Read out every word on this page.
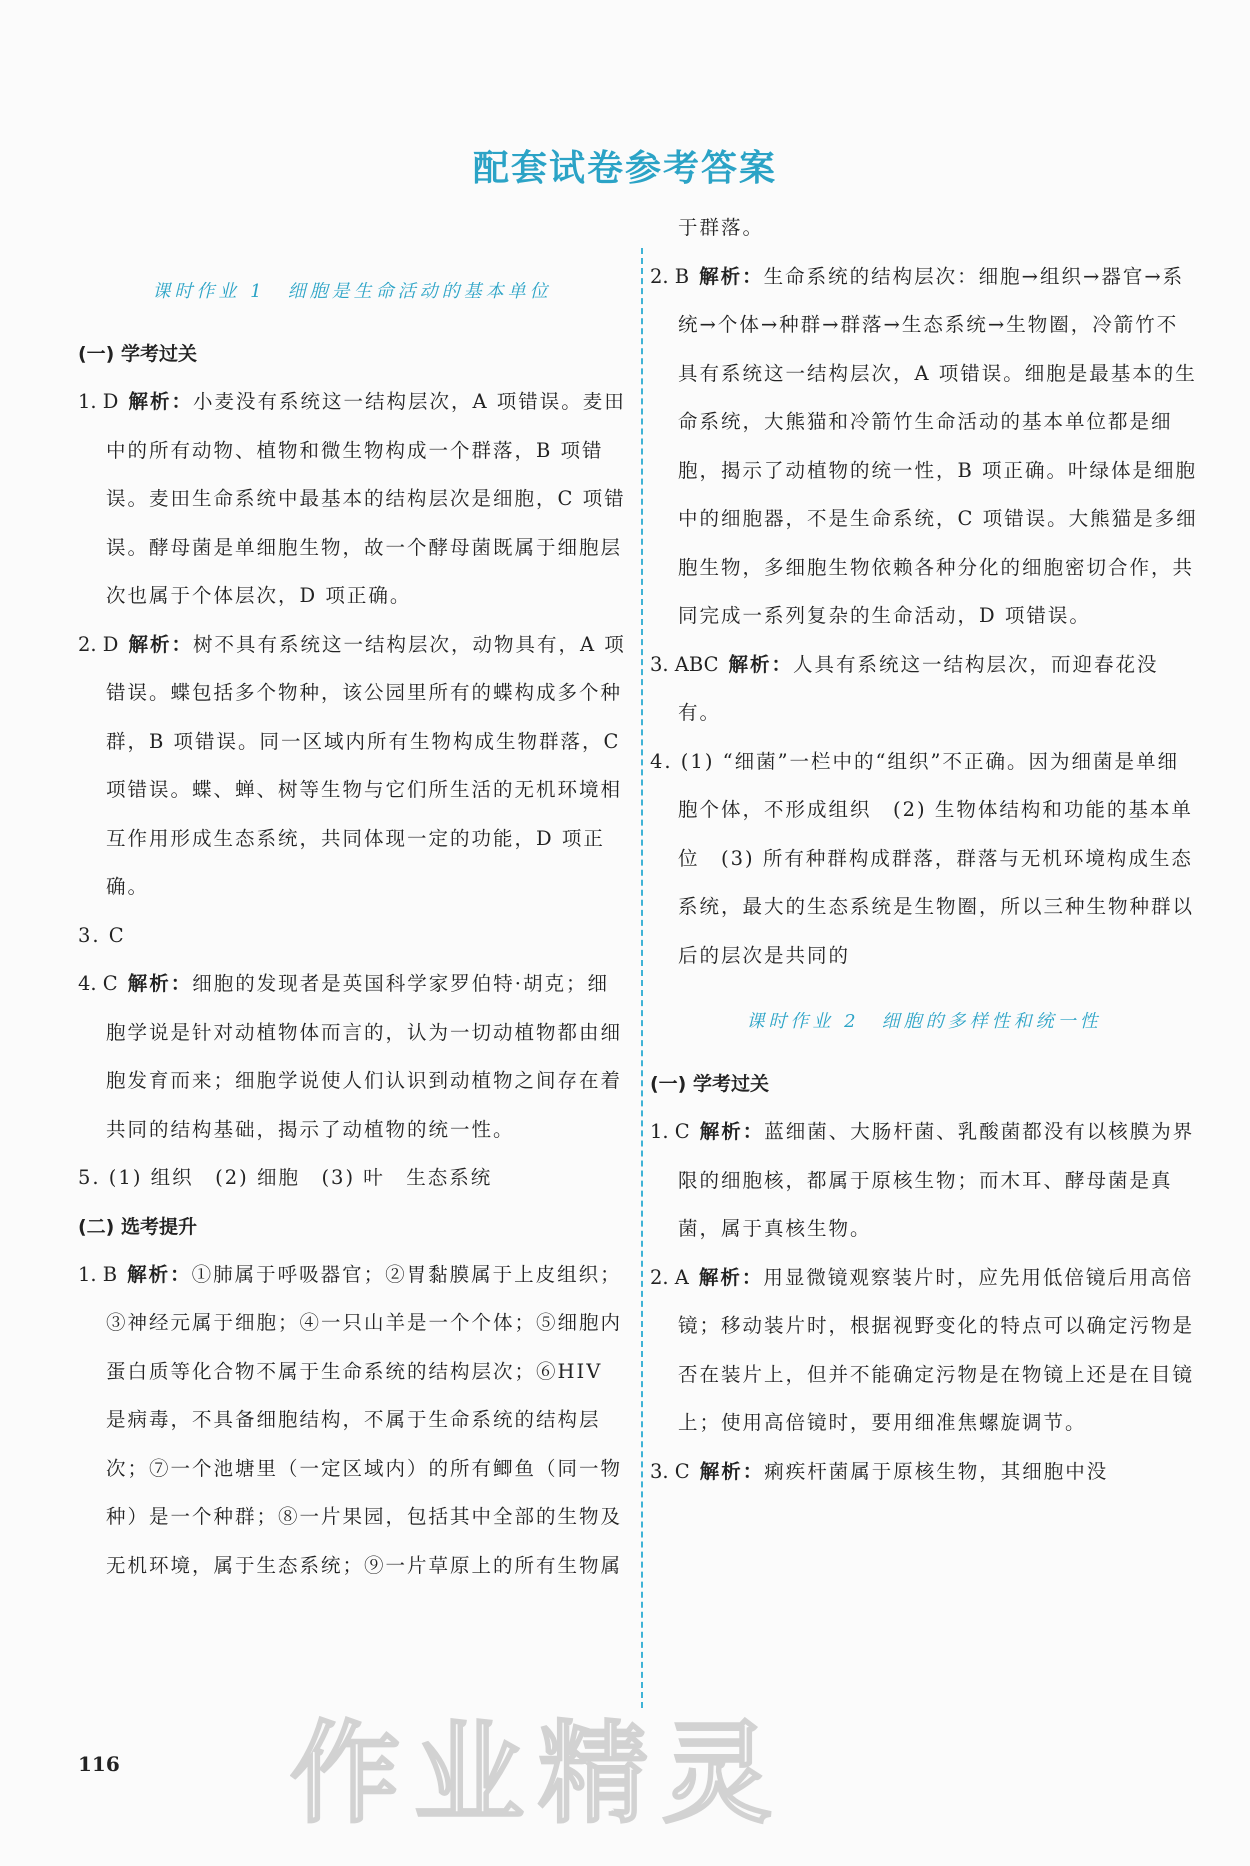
配套试卷参考答案
课时作业 1　细胞是生命活动的基本单位
(一) 学考过关

1. D 解析：小麦没有系统这一结构层次，A 项错误。麦田中的所有动物、植物和微生物构成一个群落，B 项错误。麦田生命系统中最基本的结构层次是细胞，C 项错误。酵母菌是单细胞生物，故一个酵母菌既属于细胞层次也属于个体层次，D 项正确。

2. D 解析：树不具有系统这一结构层次，动物具有，A 项错误。蝶包括多个物种，该公园里所有的蝶构成多个种群，B 项错误。同一区域内所有生物构成生物群落，C 项错误。蝶、蝉、树等生物与它们所生活的无机环境相互作用形成生态系统，共同体现一定的功能，D 项正确。

3. C

4. C 解析：细胞的发现者是英国科学家罗伯特·胡克；细胞学说是针对动植物体而言的，认为一切动植物都由细胞发育而来；细胞学说使人们认识到动植物之间存在着共同的结构基础，揭示了动植物的统一性。

5. (1) 组织　(2) 细胞　(3) 叶　生态系统

(二) 选考提升

1. B 解析：①肺属于呼吸器官；②胃黏膜属于上皮组织；③神经元属于细胞；④一只山羊是一个个体；⑤细胞内蛋白质等化合物不属于生命系统的结构层次；⑥HIV 是病毒，不具备细胞结构，不属于生命系统的结构层次；⑦一个池塘里（一定区域内）的所有鲫鱼（同一物种）是一个种群；⑧一片果园，包括其中全部的生物及无机环境，属于生态系统；⑨一片草原上的所有生物属

于群落。

2. B 解析：生命系统的结构层次：细胞→组织→器官→系统→个体→种群→群落→生态系统→生物圈，冷箭竹不具有系统这一结构层次，A 项错误。细胞是最基本的生命系统，大熊猫和冷箭竹生命活动的基本单位都是细胞，揭示了动植物的统一性，B 项正确。叶绿体是细胞中的细胞器，不是生命系统，C 项错误。大熊猫是多细胞生物，多细胞生物依赖各种分化的细胞密切合作，共同完成一系列复杂的生命活动，D 项错误。

3. ABC 解析：人具有系统这一结构层次，而迎春花没有。

4. (1) “细菌”一栏中的“组织”不正确。因为细菌是单细胞个体，不形成组织　(2) 生物体结构和功能的基本单位　(3) 所有种群构成群落，群落与无机环境构成生态系统，最大的生态系统是生物圈，所以三种生物种群以后的层次是共同的

课时作业 2　细胞的多样性和统一性
(一) 学考过关

1. C 解析：蓝细菌、大肠杆菌、乳酸菌都没有以核膜为界限的细胞核，都属于原核生物；而木耳、酵母菌是真菌，属于真核生物。

2. A 解析：用显微镜观察装片时，应先用低倍镜后用高倍镜；移动装片时，根据视野变化的特点可以确定污物是否在装片上，但并不能确定污物是在物镜上还是在目镜上；使用高倍镜时，要用细准焦螺旋调节。

3. C 解析：痢疾杆菌属于原核生物，其细胞中没

116 作业精灵
